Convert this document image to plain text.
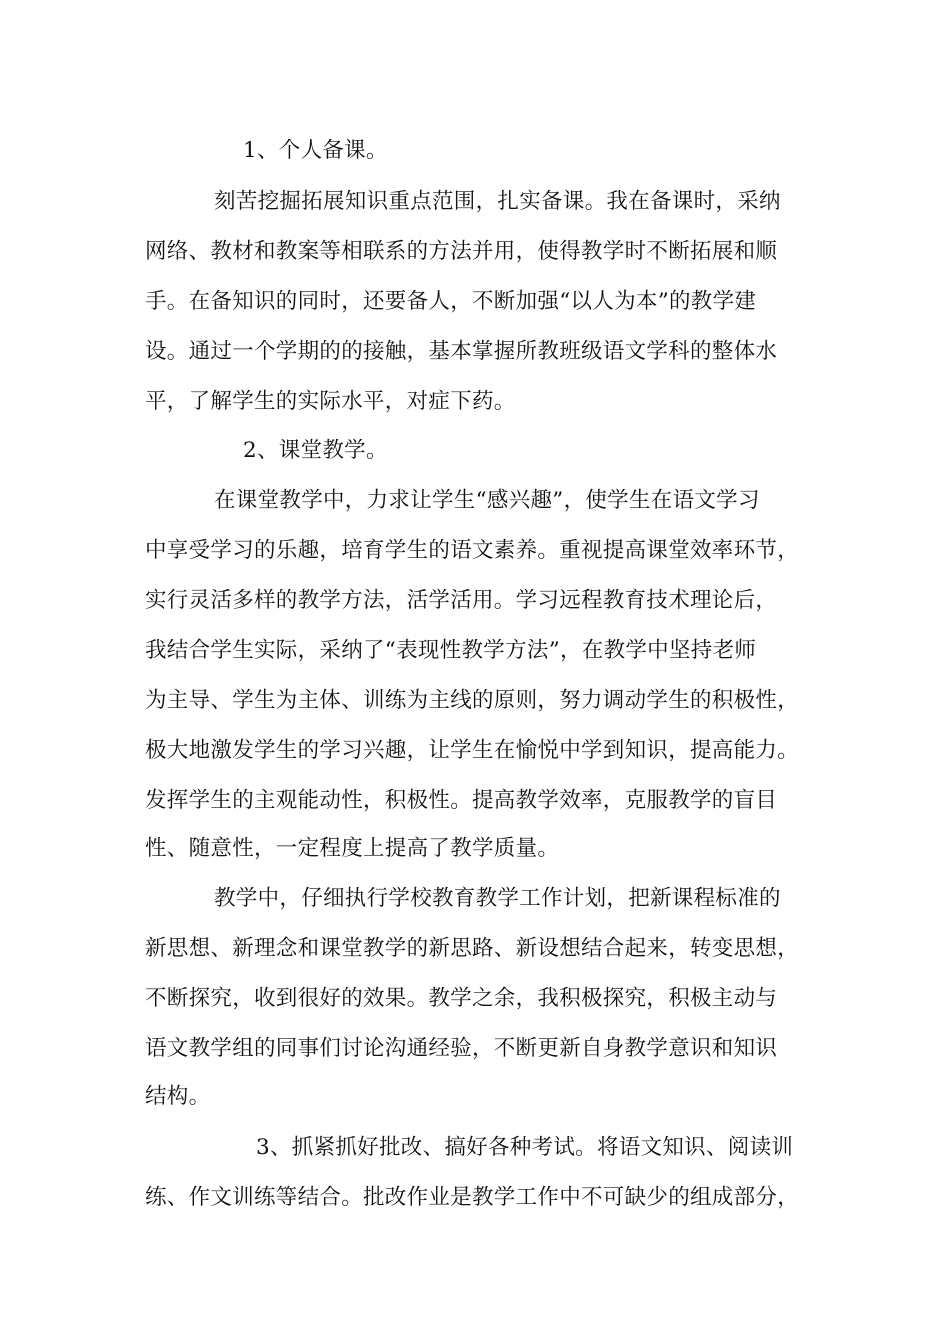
1、个人备课。
刻苦挖掘拓展知识重点范围，扎实备课。我在备课时，采纳
网络、教材和教案等相联系的方法并用，使得教学时不断拓展和顺
手。在备知识的同时，还要备人，不断加强“以人为本”的教学建
设。通过一个学期的的接触，基本掌握所教班级语文学科的整体水
平，了解学生的实际水平，对症下药。
2、课堂教学。
在课堂教学中，力求让学生“感兴趣”，使学生在语文学习
中享受学习的乐趣，培育学生的语文素养。重视提高课堂效率环节，
实行灵活多样的教学方法，活学活用。学习远程教育技术理论后，
我结合学生实际，采纳了“表现性教学方法”，在教学中坚持老师
为主导、学生为主体、训练为主线的原则，努力调动学生的积极性，
极大地激发学生的学习兴趣，让学生在愉悦中学到知识，提高能力。
发挥学生的主观能动性，积极性。提高教学效率，克服教学的盲目
性、随意性，一定程度上提高了教学质量。
教学中，仔细执行学校教育教学工作计划，把新课程标准的
新思想、新理念和课堂教学的新思路、新设想结合起来，转变思想，
不断探究，收到很好的效果。教学之余，我积极探究，积极主动与
语文教学组的同事们讨论沟通经验，不断更新自身教学意识和知识
结构。
3、抓紧抓好批改、搞好各种考试。将语文知识、阅读训
练、作文训练等结合。批改作业是教学工作中不可缺少的组成部分，
